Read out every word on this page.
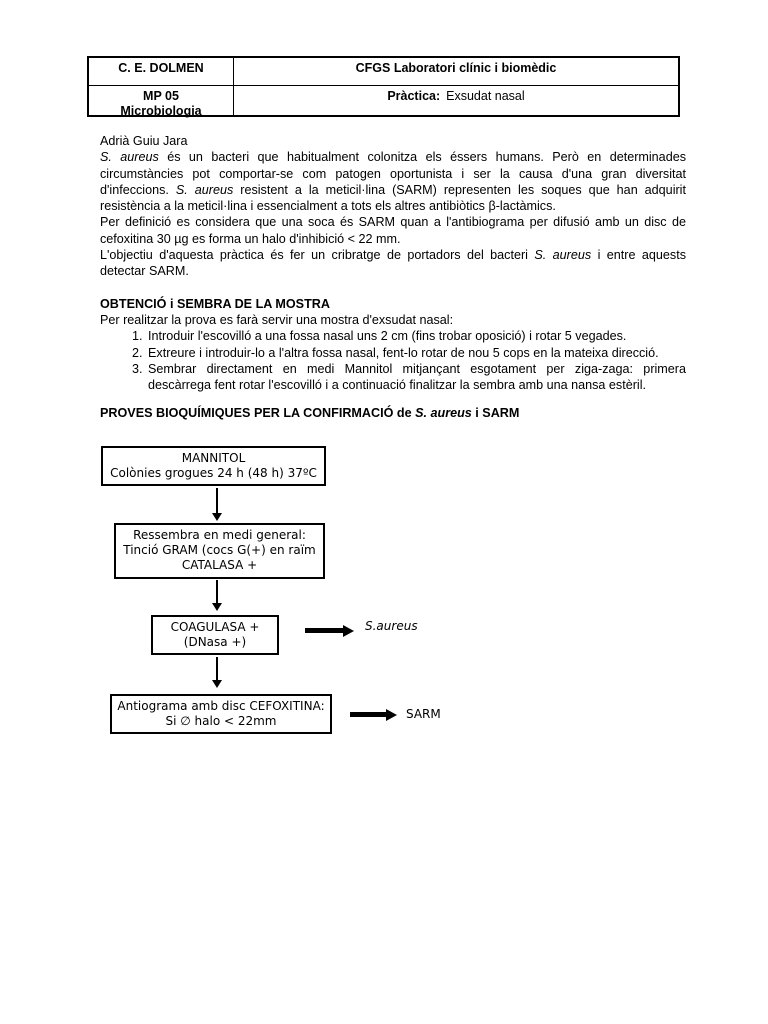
C. E. DOLMEN	CFGS Laboratori clínic i biomèdic
MP 05
Microbiologia
Pràctica: Exsudat nasal

Adrià Guiu Jara

S. aureus és un bacteri que habitualment colonitza els éssers humans. Però en determinades circumstàncies pot comportar-se com patogen oportunista i ser la causa d'una gran diversitat d'infeccions. S. aureus resistent a la meticil·lina (SARM) representen les soques que han adquirit resistència a la meticil·lina i essencialment a tots els altres antibiòtics β-lactàmics.

Per definició es considera que una soca és SARM quan a l'antibiograma per difusió amb un disc de cefoxitina 30 µg es forma un halo d'inhibició < 22 mm.

L'objectiu d'aquesta pràctica és fer un cribratge de portadors del bacteri S. aureus i entre aquests detectar SARM.

OBTENCIÓ i SEMBRA DE LA MOSTRA

Per realitzar la prova es farà servir una mostra d'exsudat nasal:

1. Introduir l'escovilló a una fossa nasal uns 2 cm (fins trobar oposició) i rotar 5 vegades.
2. Extreure i introduir-lo a l'altra fossa nasal, fent-lo rotar de nou 5 cops en la mateixa direcció.
3. Sembrar directament en medi Mannitol mitjançant esgotament per ziga-zaga: primera descàrrega fent rotar l'escovilló i a continuació finalitzar la sembra amb una nansa estèril.
PROVES BIOQUÍMIQUES PER LA CONFIRMACIÓ de S. aureus i SARM
MANNITOL
Colònies grogues 24 h (48 h) 37ºC
Ressembra en medi general:
Tinció GRAM (cocs G(+) en raïm
CATALASA +
COAGULASA +
(DNasa +)
S.aureus
Antiograma amb disc CEFOXITINA:
Si ∅ halo < 22mm	SARM
